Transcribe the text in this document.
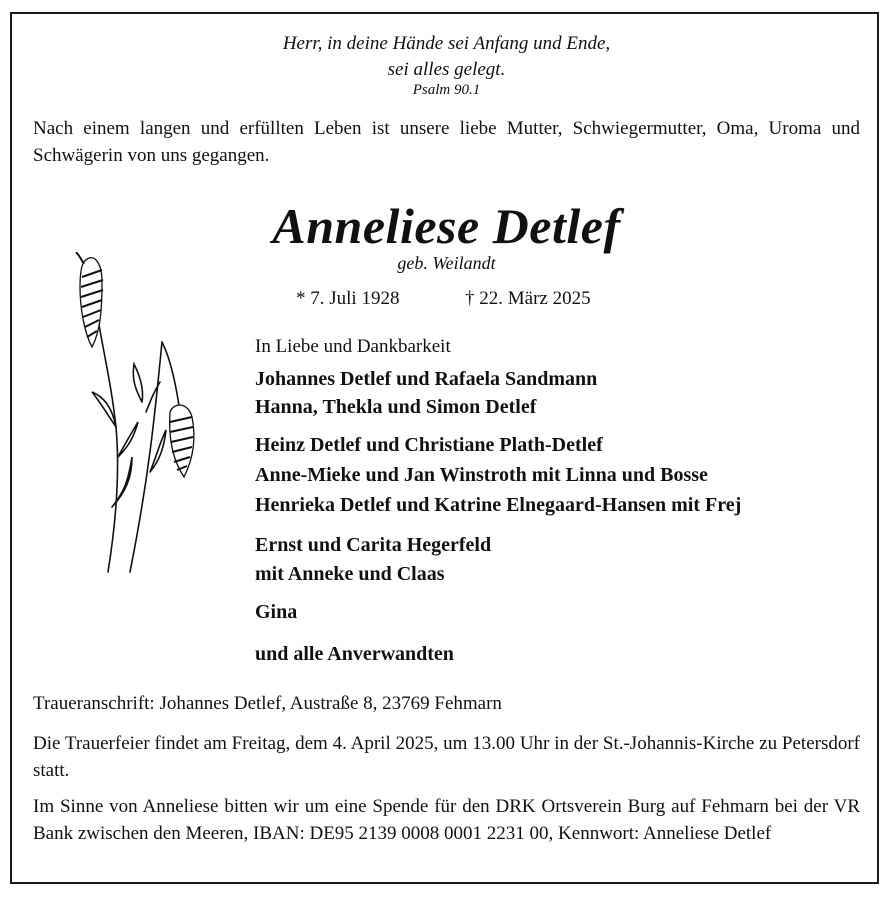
Herr, in deine Hände sei Anfang und Ende,
sei alles gelegt.
Psalm 90.1
Nach einem langen und erfüllten Leben ist unsere liebe Mutter, Schwiegermutter, Oma, Uroma und Schwägerin von uns gegangen.
Anneliese Detlef
geb. Weilandt
* 7. Juli 1928	† 22. März 2025
In Liebe und Dankbarkeit
Johannes Detlef und Rafaela Sandmann
Hanna, Thekla und Simon Detlef
Heinz Detlef und Christiane Plath-Detlef
Anne-Mieke und Jan Winstroth mit Linna und Bosse
Henrieka Detlef und Katrine Elnegaard-Hansen mit Frej
Ernst und Carita Hegerfeld
mit Anneke und Claas
Gina
und alle Anverwandten
Traueranschrift: Johannes Detlef, Austraße 8, 23769 Fehmarn
Die Trauerfeier findet am Freitag, dem 4. April 2025, um 13.00 Uhr in der St.-Johannis-Kirche zu Petersdorf statt.
Im Sinne von Anneliese bitten wir um eine Spende für den DRK Ortsverein Burg auf Fehmarn bei der VR Bank zwischen den Meeren, IBAN: DE95 2139 0008 0001 2231 00, Kennwort: Anneliese Detlef
